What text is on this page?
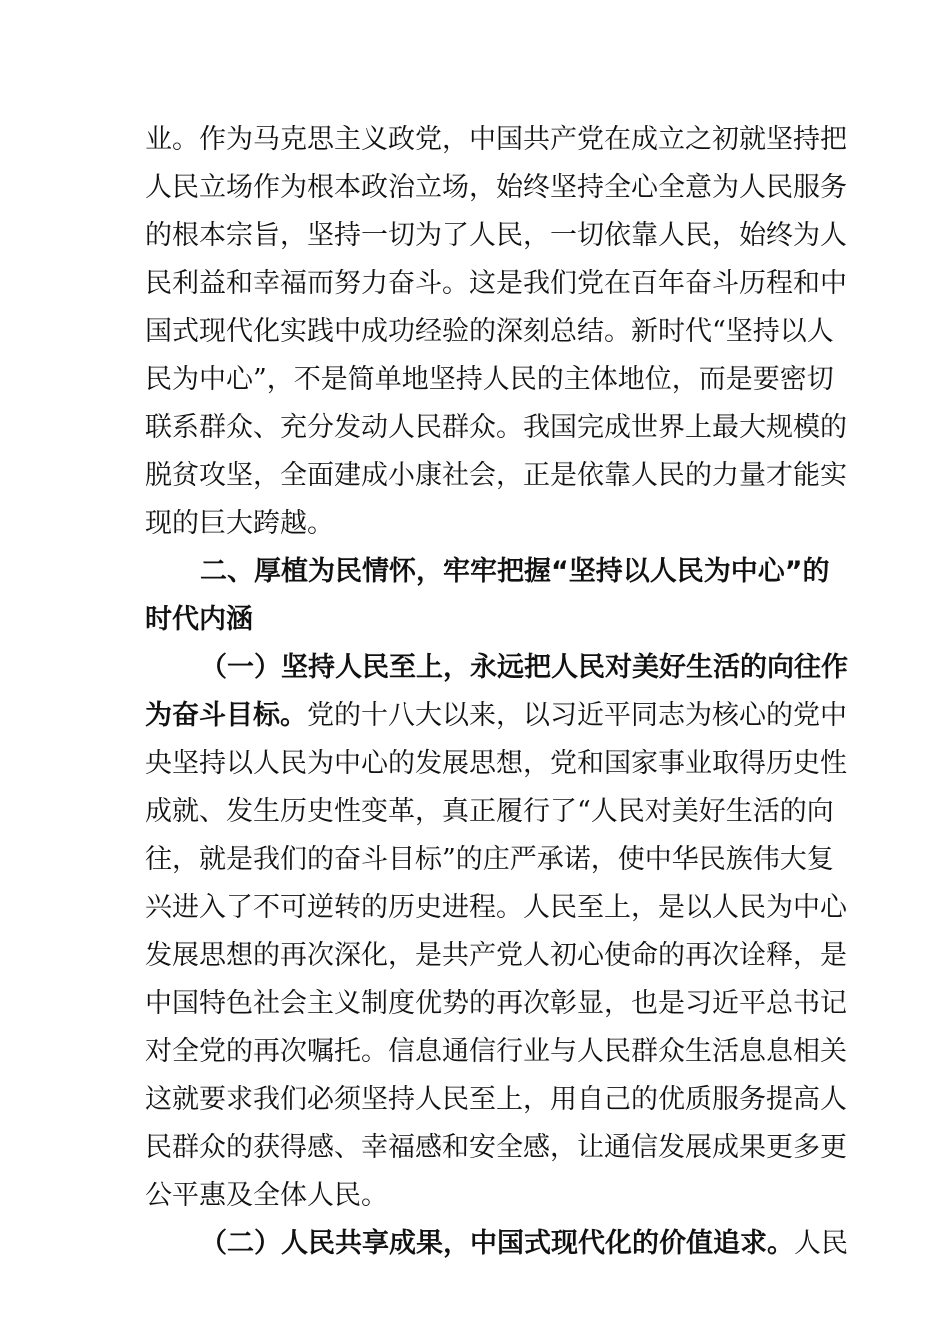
业。作为马克思主义政党，中国共产党在成立之初就坚持把
人民立场作为根本政治立场，始终坚持全心全意为人民服务
的根本宗旨，坚持一切为了人民，一切依靠人民，始终为人
民利益和幸福而努力奋斗。这是我们党在百年奋斗历程和中
国式现代化实践中成功经验的深刻总结。新时代“坚持以人
民为中心”，不是简单地坚持人民的主体地位，而是要密切
联系群众、充分发动人民群众。我国完成世界上最大规模的
脱贫攻坚，全面建成小康社会，正是依靠人民的力量才能实
现的巨大跨越。
二、厚植为民情怀，牢牢把握“坚持以人民为中心”的
时代内涵
（一）坚持人民至上，永远把人民对美好生活的向往作
为奋斗目标。党的十八大以来，以习近平同志为核心的党中
央坚持以人民为中心的发展思想，党和国家事业取得历史性
成就、发生历史性变革，真正履行了“人民对美好生活的向
往，就是我们的奋斗目标”的庄严承诺，使中华民族伟大复
兴进入了不可逆转的历史进程。人民至上，是以人民为中心
发展思想的再次深化，是共产党人初心使命的再次诠释，是
中国特色社会主义制度优势的再次彰显，也是习近平总书记
对全党的再次嘱托。信息通信行业与人民群众生活息息相关
这就要求我们必须坚持人民至上，用自己的优质服务提高人
民群众的获得感、幸福感和安全感，让通信发展成果更多更
公平惠及全体人民。
（二）人民共享成果，中国式现代化的价值追求。人民
